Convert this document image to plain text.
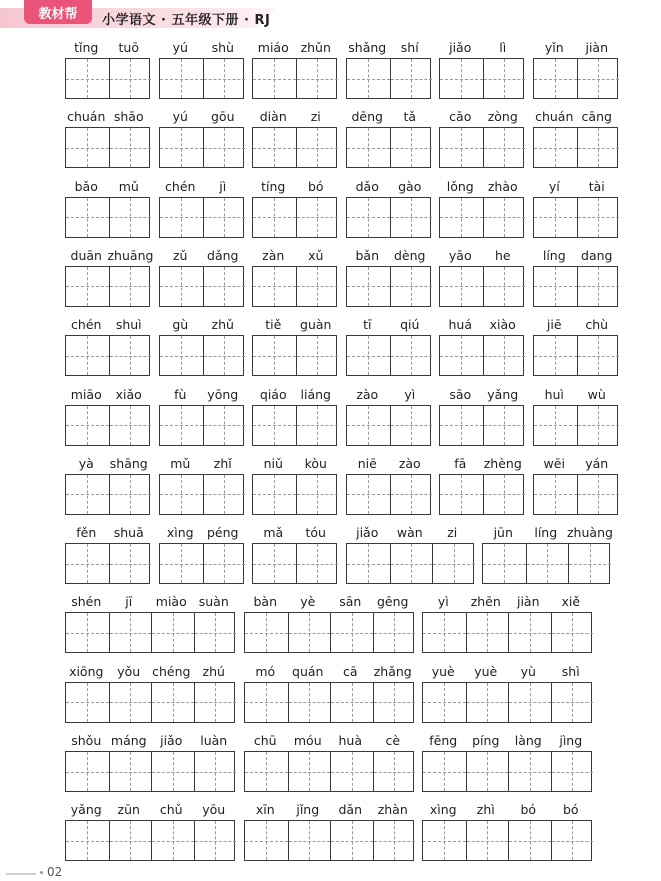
教材帮	小学语文 · 五年级下册 · RJ
tǐng	tuō	yú	shù	miáo zhǔn	shǎng	shí	jiǎo	lì	yǐn	jiàn
chuán shāo	yú	gōu	diàn	zi	dēng	tǎ	cāo	zòng	chuán cāng
bǎo	mǔ	chén	jì	tíng	bó	dǎo	gào	lǒng	zhào	yí	tài
duān zhuāng	zǔ	dǎng	zàn	xǔ	bǎn	dèng	yāo	he	líng	dang
chén	shuì	gù	zhǔ	tiě	guàn	tī	qiú	huá	xiào	jiē	chù
miāo	xiǎo	fù	yōng	qiáo	liáng	zào	yì	sāo	yǎng	huì	wù
yà	shāng	mǔ	zhǐ	niǔ	kòu	niē	zào	fā	zhèng	wēi	yán
fěn	shuā	xìng	péng	mǎ	tóu	jiǎo	wàn	zi	jūn	líng zhuàng
shén	jī	miào suàn	bàn	yè	sān	gēng	yì	zhēn	jiàn	xiě
xiōng	yǒu chéng zhú	mó	quán	cā	zhǎng	yuè	yuè	yù	shì
shǒu máng	jiǎo	luàn	chū	móu	huà	cè	fēng	píng	làng	jìng
yǎng	zūn	chǔ	yōu	xīn	jǐng	dǎn	zhàn	xìng	zhì	bó	bó
02
